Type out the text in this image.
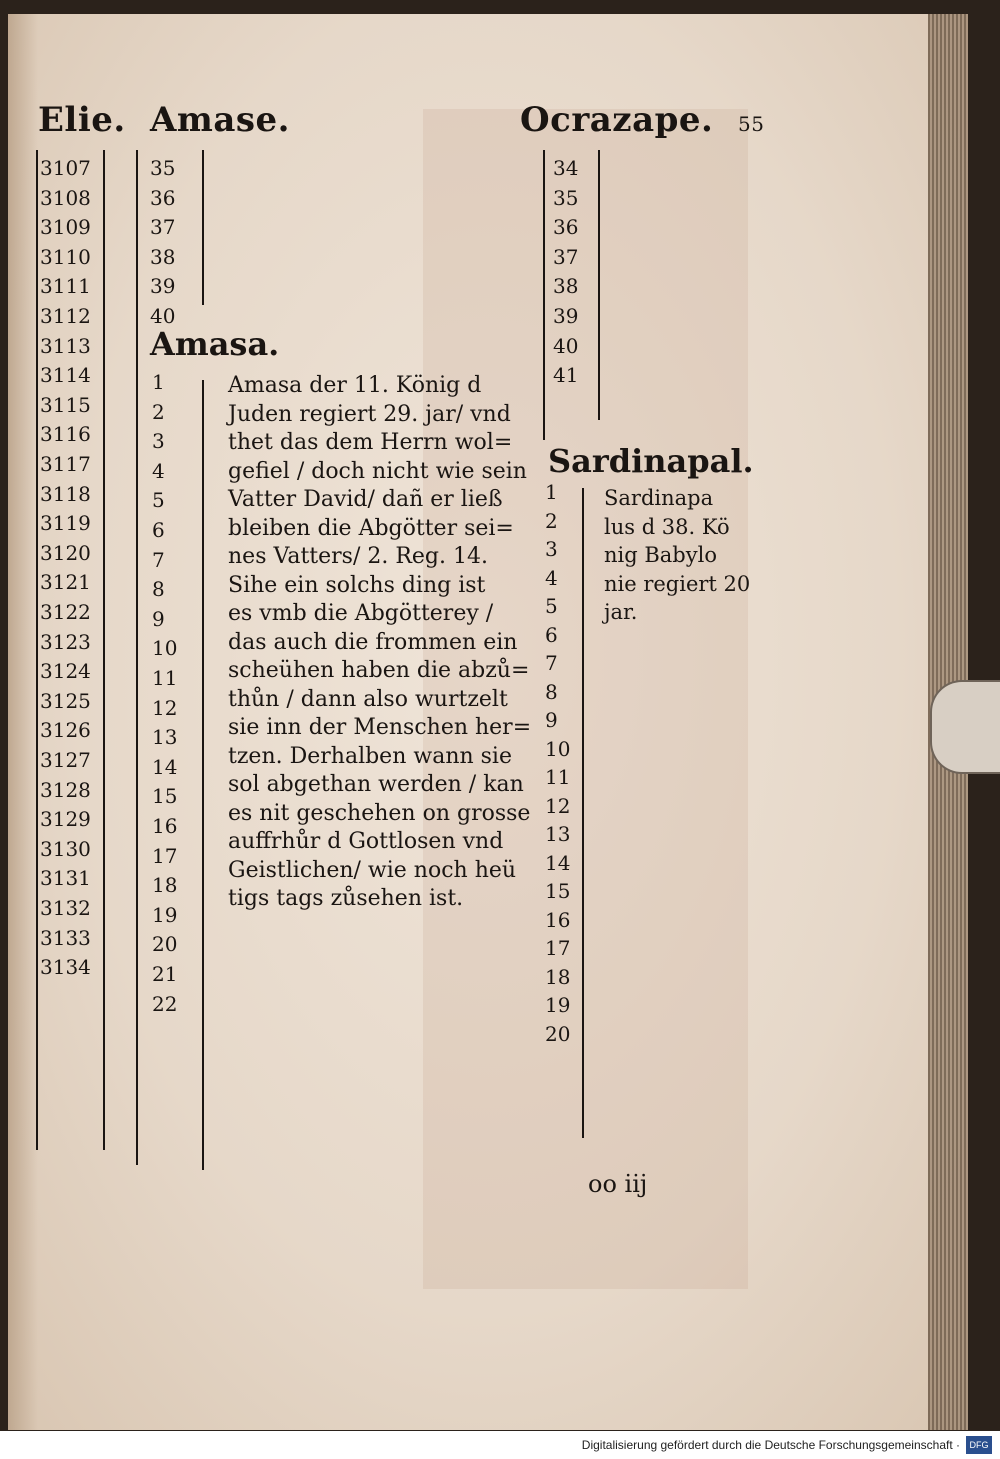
Elie. Amase.	Ocrazape. 55
3107
3108
3109
3110
3111
3112
3113
3114
3115
3116
3117
3118
3119
3120
3121
3122
3123
3124
3125
3126
3127
3128
3129
3130
3131
3132
3133
3134
35
36
37
38
39
40
Amasa.
1
2
3
4
5
6
7
8
9
10
11
12
13
14
15
16
17
18
19
20
21
22
Amasa der 11. König d
Juden regiert 29. jar/ vnd
thet das dem Herrn wol=
gefiel / doch nicht wie sein
Vatter David/ dañ er ließ
bleiben die Abgötter sei=
nes Vatters/ 2. Reg. 14.
Sihe ein solchs ding ist
es vmb die Abgötterey /
das auch die frommen ein
scheühen haben die abzů=
thůn / dann also wurtzelt
sie inn der Menschen her=
tzen. Derhalben wann sie
sol abgethan werden / kan
es nit geschehen on grosse
auffrhůr d Gottlosen vnd
Geistlichen/ wie noch heü
tigs tags zůsehen ist.
34
35
36
37
38
39
40
41
Sardinapal.
1
2
3
4
5
6
7
8
9
10
11
12
13
14
15
16
17
18
19
20
Sardinapa
lus d 38. Kö
nig Babylo
nie regiert 20
jar.
oo iij
Digitalisierung gefördert durch die Deutsche Forschungsgemeinschaft ·	DFG
